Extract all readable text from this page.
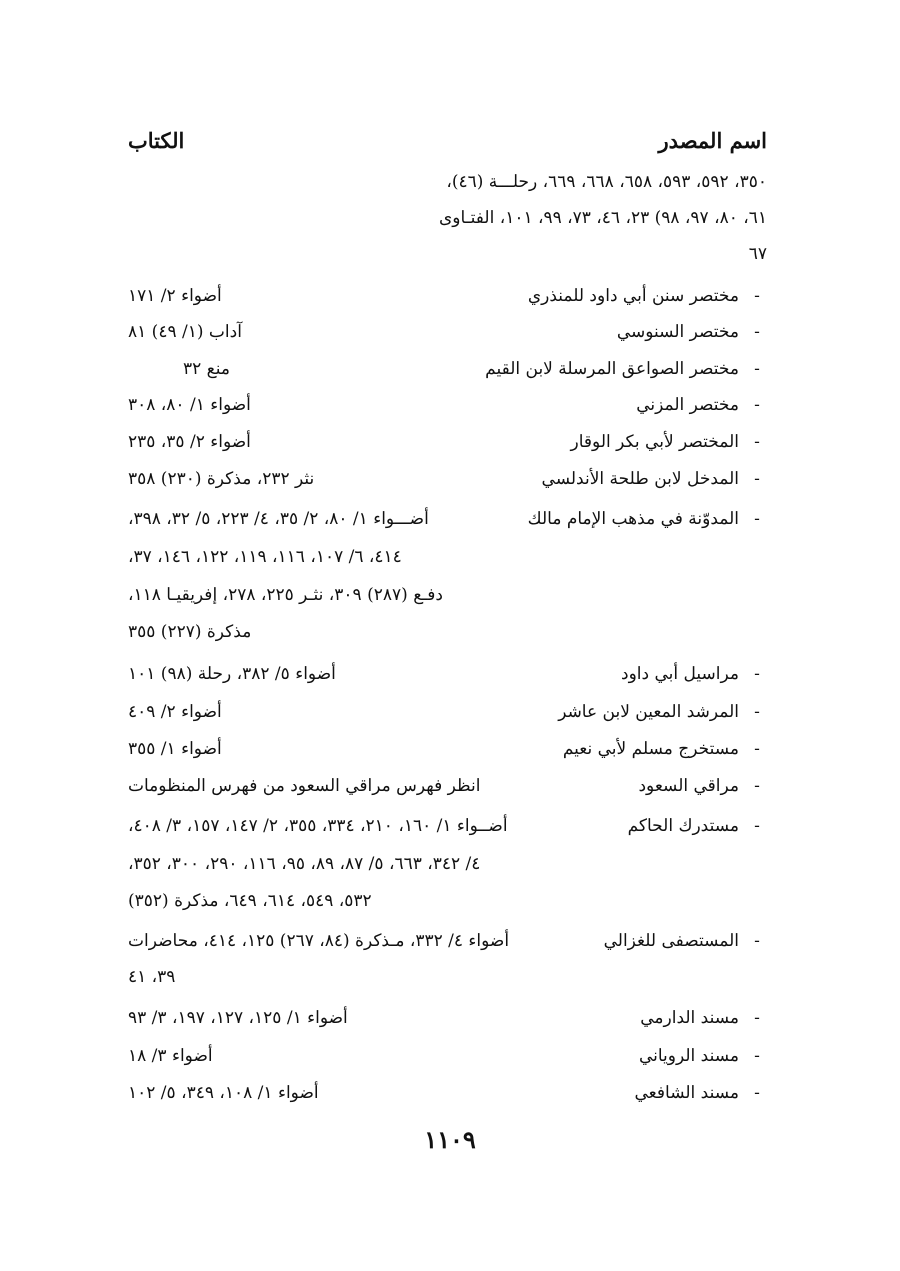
اسم المصدر
الكتاب
٣٥٠، ٥٩٢، ٥٩٣، ٦٥٨، ٦٦٨، ٦٦٩، رحلـــة (٤٦)،
٦١، ٨٠، ٩٧، ٩٨) ٢٣، ٤٦، ٧٣، ٩٩، ١٠١، الفتـاوى
٦٧
-
مختصر سنن أبي داود للمنذري
أضواء ٢/ ١٧١
-
مختصر السنوسي
آداب (١/ ٤٩) ٨١
-
مختصر الصواعق المرسلة لابن القيم
منع ٣٢
-
مختصر المزني
أضواء ١/ ٨٠، ٣٠٨
-
المختصر لأبي بكر الوقار
أضواء ٢/ ٣٥، ٢٣٥
-
المدخل لابن طلحة الأندلسي
نثر ٢٣٢، مذكرة (٢٣٠) ٣٥٨
-
المدوّنة في مذهب الإمام مالك
أضـــواء ١/ ٨٠، ٢/ ٣٥، ٤/ ٢٢٣، ٥/ ٣٢، ٣٩٨،
٤١٤، ٦/ ١٠٧، ١١٦، ١١٩، ١٢٢، ١٤٦، ٣٧،
دفـع (٢٨٧) ٣٠٩، نثـر ٢٢٥، ٢٧٨، إفريقيـا ١١٨،
مذكرة (٢٢٧) ٣٥٥
-
مراسيل أبي داود
أضواء ٥/ ٣٨٢، رحلة (٩٨) ١٠١
-
المرشد المعين لابن عاشر
أضواء ٢/ ٤٠٩
-
مستخرج مسلم لأبي نعيم
أضواء ١/ ٣٥٥
-
مراقي السعود
انظر فهرس مراقي السعود من فهرس المنظومات
-
مستدرك الحاكم
أضــواء ١/ ١٦٠، ٢١٠، ٣٣٤، ٣٥٥، ٢/ ١٤٧، ١٥٧، ٣/ ٤٠٨،
٤/ ٣٤٢، ٦٦٣، ٥/ ٨٧، ٨٩، ٩٥، ١١٦، ٢٩٠، ٣٠٠، ٣٥٢،
٥٣٢، ٥٤٩، ٦١٤، ٦٤٩، مذكرة (٣٥٢)
-
المستصفى للغزالي
أضواء ٤/ ٣٣٢، مـذكرة (٨٤، ٢٦٧) ١٢٥، ٤١٤، محاضرات
٣٩، ٤١
-
مسند الدارمي
أضواء ١/ ١٢٥، ١٢٧، ١٩٧، ٣/ ٩٣
-
مسند الروياني
أضواء ٣/ ١٨
-
مسند الشافعي
أضواء ١/ ١٠٨، ٣٤٩، ٥/ ١٠٢
١١٠٩
